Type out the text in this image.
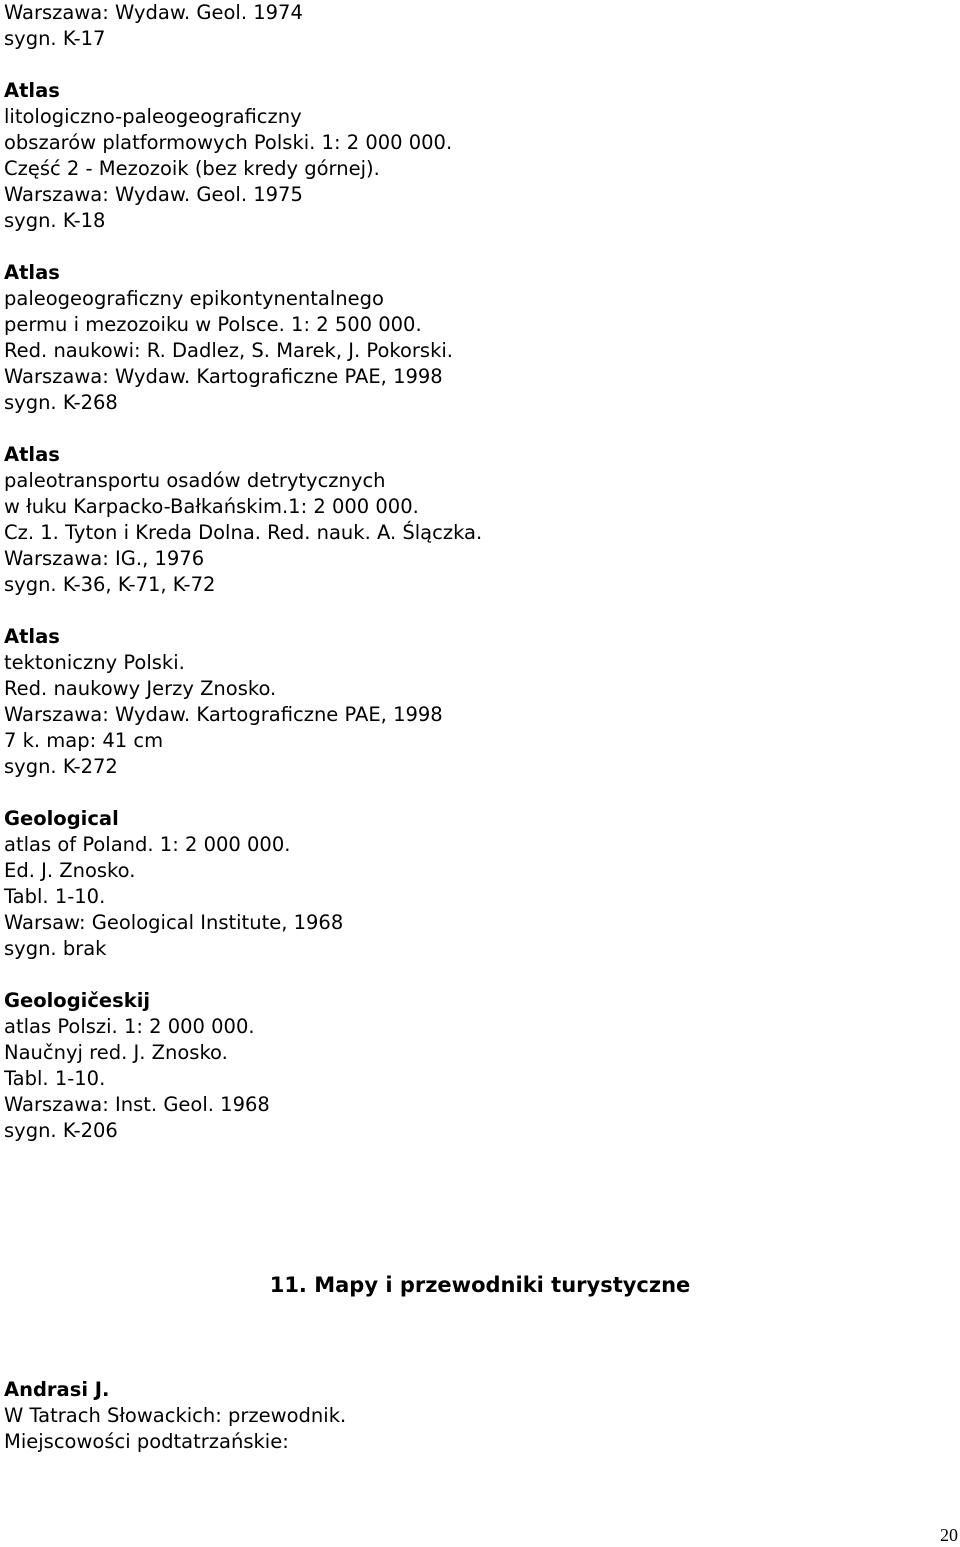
Warszawa: Wydaw. Geol. 1974
sygn. K-17
Atlas
litologiczno-paleogeograficzny
obszarów platformowych Polski. 1: 2 000 000.
Część 2 - Mezozoik (bez kredy górnej).
Warszawa: Wydaw. Geol. 1975
sygn. K-18
Atlas
paleogeograficzny epikontynentalnego
permu i mezozoiku w Polsce. 1: 2 500 000.
Red. naukowi: R. Dadlez, S. Marek, J. Pokorski.
Warszawa: Wydaw. Kartograficzne PAE, 1998
sygn. K-268
Atlas
paleotransportu osadów detrytycznych
w łuku Karpacko-Bałkańskim.1: 2 000 000.
Cz. 1. Tyton i Kreda Dolna. Red. nauk. A. Ślączka.
Warszawa: IG., 1976
sygn. K-36, K-71, K-72
Atlas
tektoniczny Polski.
Red. naukowy Jerzy Znosko.
Warszawa: Wydaw. Kartograficzne PAE, 1998
7 k. map: 41 cm
sygn. K-272
Geological
atlas of Poland. 1: 2 000 000.
Ed. J. Znosko.
Tabl. 1-10.
Warsaw: Geological Institute, 1968
sygn. brak
Geologičeskij
atlas Polszi. 1: 2 000 000.
Naučnyj red. J. Znosko.
Tabl. 1-10.
Warszawa: Inst. Geol. 1968
sygn. K-206
11. Mapy i przewodniki turystyczne
Andrasi J.
W Tatrach Słowackich: przewodnik.
Miejscowości podtatrzańskie:
20
